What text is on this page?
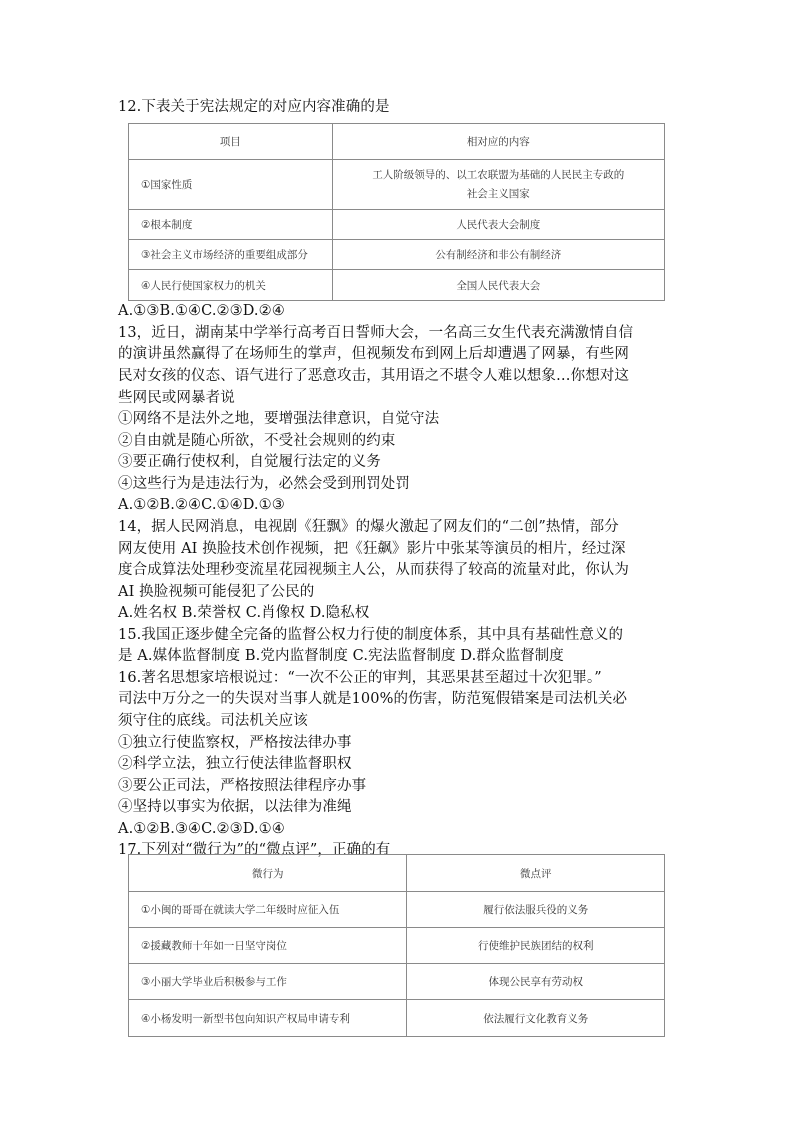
12.下表关于宪法规定的对应内容准确的是
项目	相对应的内容
①国家性质	工人阶级领导的、以工农联盟为基础的人民民主专政的
社会主义国家

②根本制度	人民代表大会制度
③社会主义市场经济的重要组成部分	公有制经济和非公有制经济
④人民行使国家权力的机关	全国人民代表大会
A.①③B.①④C.②③D.②④
13，近日，湖南某中学举行高考百日誓师大会，一名高三女生代表充满激情自信
的演讲虽然赢得了在场师生的掌声，但视频发布到网上后却遭遇了网暴，有些网
民对女孩的仪态、语气进行了恶意攻击，其用语之不堪令人难以想象…你想对这
些网民或网暴者说
①网络不是法外之地，要增强法律意识，自觉守法
②自由就是随心所欲，不受社会规则的约束
③要正确行使权利，自觉履行法定的义务
④这些行为是违法行为，必然会受到刑罚处罚
A.①②B.②④C.①④D.①③
14，据人民网消息，电视剧《狂飘》的爆火激起了网友们的“二创”热情，部分
网友使用 AI 换脸技术创作视频，把《狂飙》影片中张某等演员的相片，经过深
度合成算法处理秒变流星花园视频主人公，从而获得了较高的流量对此，你认为
AI 换脸视频可能侵犯了公民的
A.姓名权 B.荣誉权 C.肖像权 D.隐私权
15.我国正逐步健全完备的监督公权力行使的制度体系，其中具有基础性意义的
是 A.媒体监督制度 B.党内监督制度 C.宪法监督制度 D.群众监督制度
16.著名思想家培根说过：“一次不公正的审判，其恶果甚至超过十次犯罪。”
司法中万分之一的失误对当事人就是100%的伤害，防范冤假错案是司法机关必
须守住的底线。司法机关应该
①独立行使监察权，严格按法律办事
②科学立法，独立行使法律监督职权
③要公正司法，严格按照法律程序办事
④坚持以事实为依据，以法律为准绳
A.①②B.③④C.②③D.①④
17.下列对“微行为”的“微点评”，正确的有
微行为	微点评
①小闽的哥哥在就读大学二年级时应征入伍	履行依法服兵役的义务
②援藏教师十年如一日坚守岗位	行使维护民族团结的权利
③小丽大学毕业后积极参与工作	体现公民享有劳动权
④小杨发明一新型书包向知识产权局申请专利	依法履行文化教育义务
